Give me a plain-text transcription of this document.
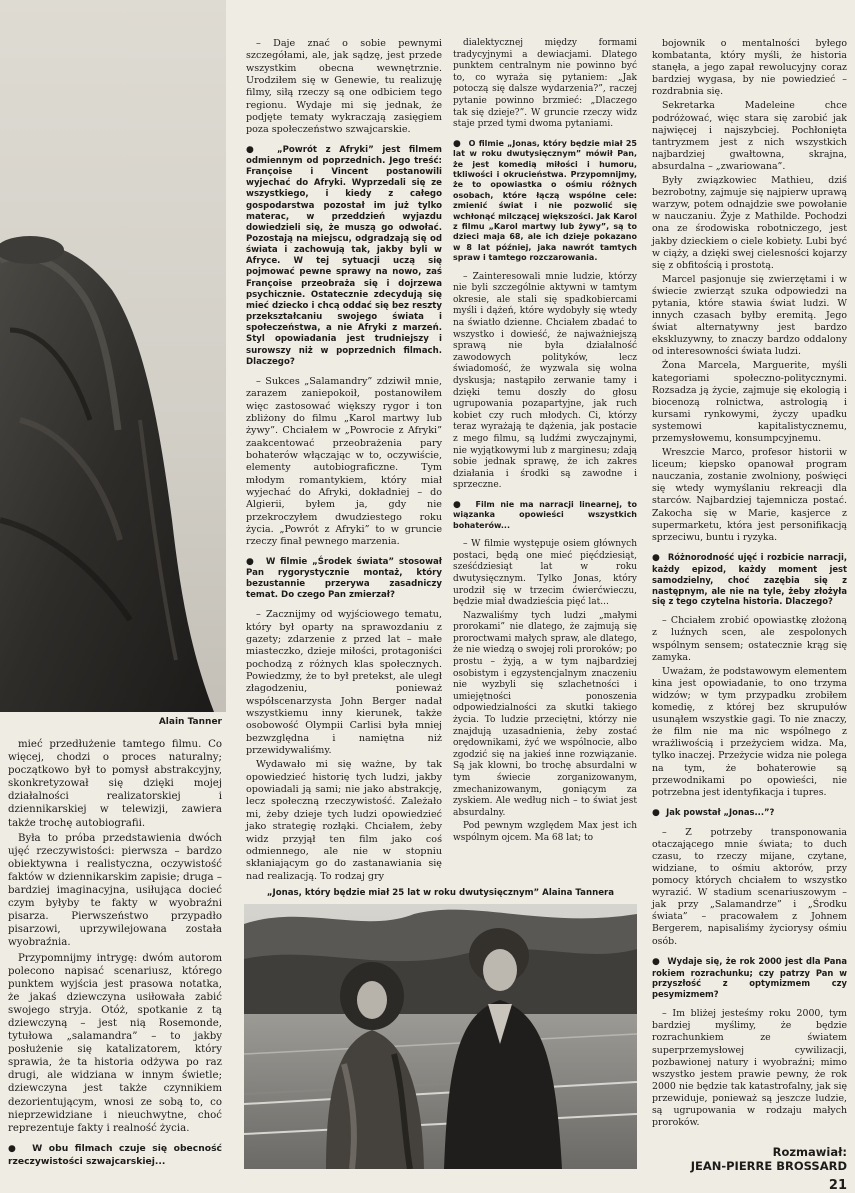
Alain Tanner
„Jonas, który będzie miał 25 lat w roku dwutysięcznym” Alaina Tannera

mieć przedłużenie tamtego filmu. Co więcej, chodzi o proces naturalny; początkowo był to pomysł abstrakcyjny, skonkretyzował się dzięki mojej działalności realizatorskiej i dziennikarskiej w telewizji, zawiera także trochę autobiografii.

Była to próba przedstawienia dwóch ujęć rzeczywistości: pierwsza – bardzo obiektywna i realistyczna, oczywistość faktów w dziennikarskim zapisie; druga – bardziej imaginacyjna, usiłująca docieć czym byłyby te fakty w wyobraźni pisarza. Pierwszeństwo przypadło pisarzowi, uprzywilejowana została wyobraźnia.

Przypomnijmy intrygę: dwóm autorom polecono napisać scenariusz, którego punktem wyjścia jest prasowa notatka, że jakaś dziewczyna usiłowała zabić swojego stryja. Otóż, spotkanie z tą dziewczyną – jest nią Rosemonde, tytułowa „salamandra” – to jakby posłużenie się katalizatorem, który sprawia, że ta historia odżywa po raz drugi, ale widziana w innym świetle; dziewczyna jest także czynnikiem dezorientującym, wnosi ze sobą to, co nieprzewidziane i nieuchwytne, choć reprezentuje fakty i realność życia.

●  W obu filmach czuje się obecność rzeczywistości szwajcarskiej...

– Daje znać o sobie pewnymi szczegółami, ale, jak sądzę, jest przede wszystkim obecna wewnętrznie. Urodziłem się w Genewie, tu realizuję filmy, siłą rzeczy są one odbiciem tego regionu. Wydaje mi się jednak, że podjęte tematy wykraczają zasięgiem poza społeczeństwo szwajcarskie.

●  „Powrót z Afryki” jest filmem odmiennym od poprzednich. Jego treść: Françoise i Vincent postanowili wyjechać do Afryki. Wyprzedali się ze wszystkiego, i kiedy z całego gospodarstwa pozostał im już tylko materac, w przeddzień wyjazdu dowiedzieli się, że muszą go odwołać. Pozostają na miejscu, odgradzają się od świata i zachowują tak, jakby byli w Afryce. W tej sytuacji uczą się pojmować pewne sprawy na nowo, zaś Françoise przeobraża się i dojrzewa psychicznie. Ostatecznie zdecydują się mieć dziecko i chcą oddać się bez reszty przekształcaniu swojego świata i społeczeństwa, a nie Afryki z marzeń. Styl opowiadania jest trudniejszy i surowszy niż w poprzednich filmach. Dlaczego?

– Sukces „Salamandry” zdziwił mnie, zarazem zaniepokoił, postanowiłem więc zastosować większy rygor i ton zbliżony do filmu „Karol martwy lub żywy”. Chciałem w „Powrocie z Afryki” zaakcentować przeobrażenia pary bohaterów włączając w to, oczywiście, elementy autobiograficzne. Tym młodym romantykiem, który miał wyjechać do Afryki, dokładniej – do Algierii, byłem ja, gdy nie przekroczyłem dwudziestego roku życia. „Powrót z Afryki” to w gruncie rzeczy finał pewnego marzenia.

●  W filmie „Środek świata” stosował Pan rygorystycznie montaż, który bezustannie przerywa zasadniczy temat. Do czego Pan zmierzał?

– Zacznijmy od wyjściowego tematu, który był oparty na sprawozdaniu z gazety; zdarzenie z przed lat – małe miasteczko, dzieje miłości, protagoniści pochodzą z różnych klas społecznych. Powiedzmy, że to był pretekst, ale uległ złagodzeniu, ponieważ współscenarzysta John Berger nadał wszystkiemu inny kierunek, także osobowość Olympii Carlisi była mniej bezwzględna i namiętna niż przewidywaliśmy.

Wydawało mi się ważne, by tak opowiedzieć historię tych ludzi, jakby opowiadali ją sami; nie jako abstrakcję, lecz społeczną rzeczywistość. Zależało mi, żeby dzieje tych ludzi opowiedzieć jako strategię rozłąki. Chciałem, żeby widz przyjął ten film jako coś odmiennego, ale nie w stopniu skłaniającym go do zastanawiania się nad realizacją. To rodzaj gry

dialektycznej między formami tradycyjnymi a dewiacjami. Dlatego punktem centralnym nie powinno być to, co wyraża się pytaniem: „Jak potoczą się dalsze wydarzenia?”, raczej pytanie powinno brzmieć: „Dlaczego tak się dzieje?”. W gruncie rzeczy widz staje przed tymi dwoma pytaniami.

●  O filmie „Jonas, który będzie miał 25 lat w roku dwutysięcznym” mówił Pan, że jest komedią miłości i humoru, tkliwości i okrucieństwa. Przypomnijmy, że to opowiastka o ośmiu różnych osobach, które łączą wspólne cele: zmienić świat i nie pozwolić się wchłonąć milczącej większości. Jak Karol z filmu „Karol martwy lub żywy”, są to dzieci maja 68, ale ich dzieje pokazano w 8 lat później, jaka nawrót tamtych spraw i tamtego rozczarowania.

– Zainteresowali mnie ludzie, którzy nie byli szczególnie aktywni w tamtym okresie, ale stali się spadkobiercami myśli i dążeń, które wydobyły się wtedy na światło dzienne. Chciałem zbadać to wszystko i dowieść, że najważniejszą sprawą nie była działalność zawodowych polityków, lecz świadomość, że wyzwala się wolna dyskusja; nastąpiło zerwanie tamy i dzięki temu doszły do głosu ugrupowania pozapartyjne, jak ruch kobiet czy ruch młodych. Ci, którzy teraz wyrażają te dążenia, jak postacie z mego filmu, są ludźmi zwyczajnymi, nie wyjątkowymi lub z marginesu; zdają sobie jednak sprawę, że ich zakres działania i środki są zawodne i sprzeczne.

●  Film nie ma narracji linearnej, to wiązanka opowieści wszystkich bohaterów...

– W filmie występuje osiem głównych postaci, będą one mieć pięćdziesiąt, sześćdziesiąt lat w roku dwutysięcznym. Tylko Jonas, który urodził się w trzecim ćwierćwieczu, będzie miał dwadzieścia pięć lat...

Nazwaliśmy tych ludzi „małymi prorokami” nie dlatego, że zajmują się proroctwami małych spraw, ale dlatego, że nie wiedzą o swojej roli proroków; po prostu – żyją, a w tym najbardziej osobistym i egzystencjalnym znaczeniu nie wyzbyli się szlachetności i umiejętności ponoszenia odpowiedzialności za skutki takiego życia. To ludzie przeciętni, którzy nie znajdują uzasadnienia, żeby zostać orędownikami, żyć we wspólnocie, albo zgodzić się na jakieś inne rozwiązanie. Są jak klowni, bo trochę absurdalni w tym świecie zorganizowanym, zmechanizowanym, goniącym za zyskiem. Ale według nich – to świat jest absurdalny.

Pod pewnym względem Max jest ich wspólnym ojcem. Ma 68 lat; to

bojownik o mentalności byłego kombatanta, który myśli, że historia stanęła, a jego zapał rewolucyjny coraz bardziej wygasa, by nie powiedzieć – rozdrabnia się.

Sekretarka Madeleine chce podróżować, więc stara się zarobić jak najwięcej i najszybciej. Pochłonięta tantryzmem jest z nich wszystkich najbardziej gwałtowna, skrajna, absurdalna – „zwariowana”.

Były związkowiec Mathieu, dziś bezrobotny, zajmuje się najpierw uprawą warzyw, potem odnajdzie swe powołanie w nauczaniu. Żyje z Mathilde. Pochodzi ona ze środowiska robotniczego, jest jakby dzieckiem o ciele kobiety. Lubi być w ciąży, a dzięki swej cielesności kojarzy się z obfitością i prostotą.

Marcel pasjonuje się zwierzętami i w świecie zwierząt szuka odpowiedzi na pytania, które stawia świat ludzi. W innych czasach byłby eremitą. Jego świat alternatywny jest bardzo ekskluzywny, to znaczy bardzo oddalony od interesowności świata ludzi.

Żona Marcela, Marguerite, myśli kategoriami społeczno-politycznymi. Rozsadza ją życie, zajmuje się ekologią i biocenozą rolnictwa, astrologią i kursami rynkowymi, życzy upadku systemowi kapitalistycznemu, przemysłowemu, konsumpcyjnemu.

Wreszcie Marco, profesor historii w liceum; kiepsko opanował program nauczania, zostanie zwolniony, poświęci się wtedy wymyślaniu rekreacji dla starców. Najbardziej tajemnicza postać. Zakocha się w Marie, kasjerce z supermarketu, która jest personifikacją sprzeciwu, buntu i ryzyka.

●  Różnorodność ujęć i rozbicie narracji, każdy epizod, każdy moment jest samodzielny, choć zazębia się z następnym, ale nie na tyle, żeby złożyła się z tego czytelna historia. Dlaczego?

– Chciałem zrobić opowiastkę złożoną z luźnych scen, ale zespolonych wspólnym sensem; ostatecznie krąg się zamyka.

Uważam, że podstawowym elementem kina jest opowiadanie, to ono trzyma widzów; w tym przypadku zrobiłem komedię, z której bez skrupułów usunąłem wszystkie gagi. To nie znaczy, że film nie ma nic wspólnego z wrażliwością i przeżyciem widza. Ma, tylko inaczej. Przeżycie widza nie polega na tym, że bohaterowie są przewodnikami po opowieści, nie potrzebna jest identyfikacja i tupres.

●  Jak powstał „Jonas...”?

– Z potrzeby transponowania otaczającego mnie świata; to duch czasu, to rzeczy mijane, czytane, widziane, to ośmiu aktorów, przy pomocy których chciałem to wszystko wyrazić. W stadium scenariuszowym – jak przy „Salamandrze” i „Środku świata” – pracowałem z Johnem Bergerem, napisaliśmy życiorysy ośmiu osób.

●  Wydaje się, że rok 2000 jest dla Pana rokiem rozrachunku; czy patrzy Pan w przyszłość z optymizmem czy pesymizmem?

– Im bliżej jesteśmy roku 2000, tym bardziej myślimy, że będzie rozrachunkiem ze światem superprzemysłowej cywilizacji, pozbawionej natury i wyobraźni; mimo wszystko jestem prawie pewny, że rok 2000 nie będzie tak katastrofalny, jak się przewiduje, ponieważ są jeszcze ludzie, są ugrupowania w rodzaju małych proroków.

Rozmawiał:
JEAN-PIERRE BROSSARD
21
